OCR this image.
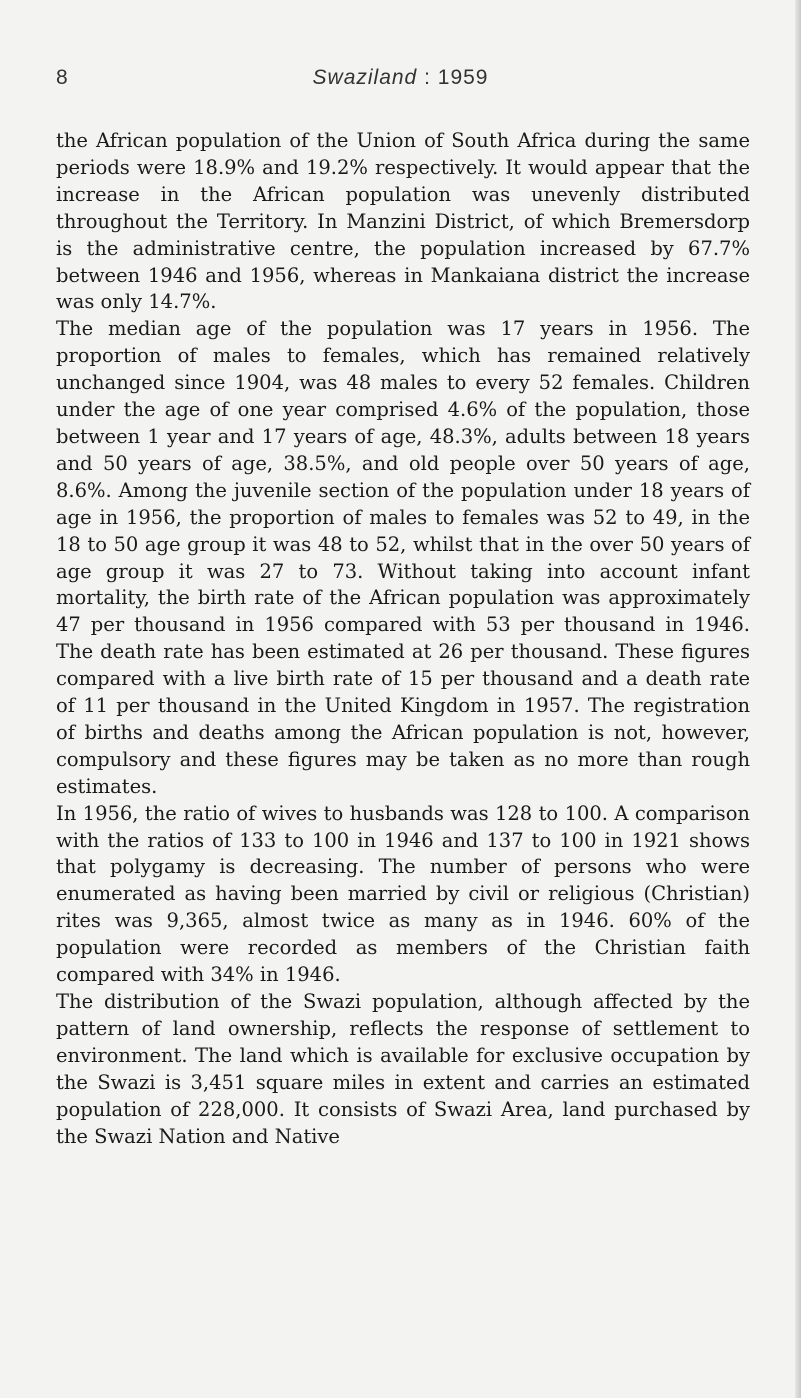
8	Swaziland : 1959

the African population of the Union of South Africa during the same periods were 18.9% and 19.2% respectively. It would appear that the increase in the African population was unevenly distributed throughout the Territory. In Manzini District, of which Bremersdorp is the administrative centre, the population increased by 67.7% between 1946 and 1956, whereas in Mankaiana district the increase was only 14.7%.

The median age of the population was 17 years in 1956. The proportion of males to females, which has remained relatively unchanged since 1904, was 48 males to every 52 females. Children under the age of one year comprised 4.6% of the population, those between 1 year and 17 years of age, 48.3%, adults between 18 years and 50 years of age, 38.5%, and old people over 50 years of age, 8.6%. Among the juvenile section of the population under 18 years of age in 1956, the proportion of males to females was 52 to 49, in the 18 to 50 age group it was 48 to 52, whilst that in the over 50 years of age group it was 27 to 73. Without taking into account infant mortality, the birth rate of the African population was approximately 47 per thousand in 1956 compared with 53 per thousand in 1946. The death rate has been estimated at 26 per thousand. These figures compared with a live birth rate of 15 per thousand and a death rate of 11 per thousand in the United Kingdom in 1957. The registration of births and deaths among the African population is not, however, compulsory and these figures may be taken as no more than rough estimates.

In 1956, the ratio of wives to husbands was 128 to 100. A comparison with the ratios of 133 to 100 in 1946 and 137 to 100 in 1921 shows that polygamy is decreasing. The number of persons who were enumerated as having been married by civil or religious (Christian) rites was 9,365, almost twice as many as in 1946. 60% of the population were recorded as members of the Christian faith compared with 34% in 1946.

The distribution of the Swazi population, although affected by the pattern of land ownership, reflects the response of settlement to environment. The land which is available for exclusive occupation by the Swazi is 3,451 square miles in extent and carries an estimated population of 228,000. It consists of Swazi Area, land purchased by the Swazi Nation and Native
